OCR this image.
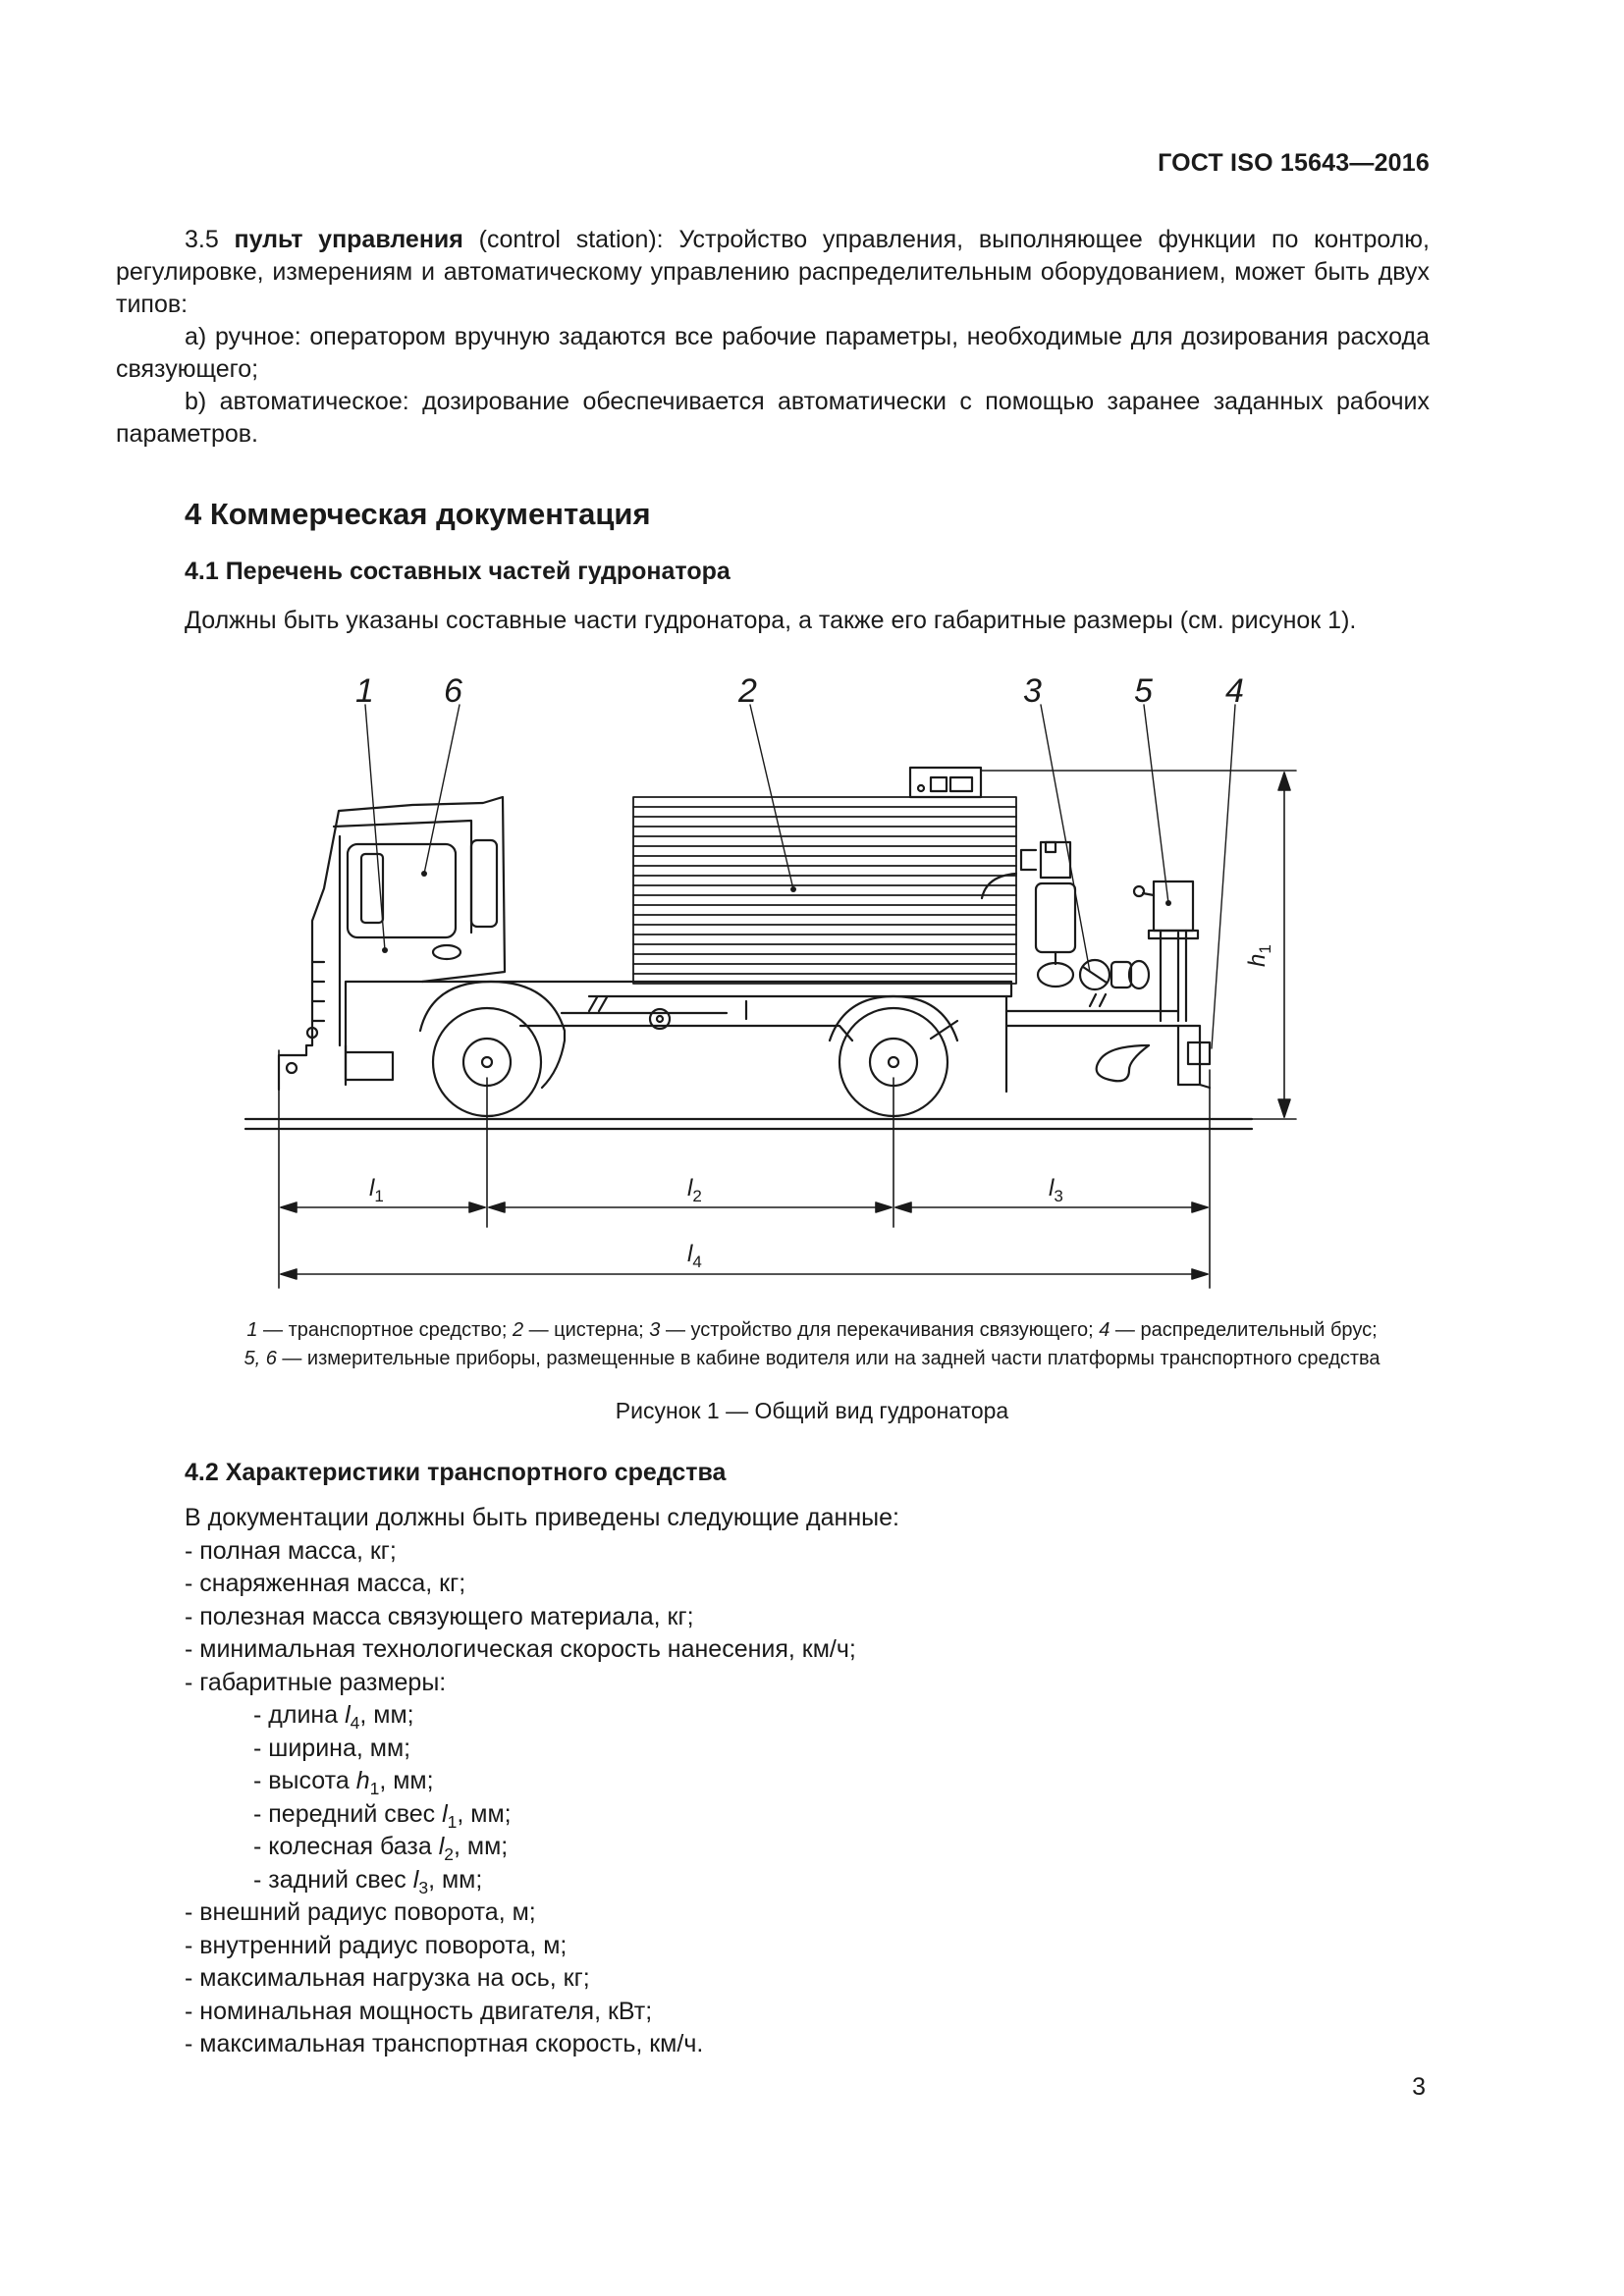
ГОСТ ISO 15643—2016

3.5 пульт управления (control station): Устройство управления, выполняющее функции по контролю, регулировке, измерениям и автоматическому управлению распределительным оборудованием, может быть двух типов:

a) ручное: оператором вручную задаются все рабочие параметры, необходимые для дозирования расхода связующего;

b) автоматическое: дозирование обеспечивается автоматически с помощью заранее заданных рабочих параметров.

4 Коммерческая документация
4.1 Перечень составных частей гудронатора
Должны быть указаны составные части гудронатора, а также его габаритные размеры (см. рисунок 1).
1 6	2	3	5 4
$l_1$	$l_2$	$l_3$
$l_4$
$h_1$
1 — транспортное средство; 2 — цистерна; 3 — устройство для перекачивания связующего; 4 — распределительный брус;
5, 6 — измерительные приборы, размещенные в кабине водителя или на задней части платформы транспортного средства
Рисунок 1 — Общий вид гудронатора
4.2 Характеристики транспортного средства
В документации должны быть приведены следующие данные:
- полная масса, кг;
- снаряженная масса, кг;
- полезная масса связующего материала, кг;
- минимальная технологическая скорость нанесения, км/ч;
- габаритные размеры:
- длина $l_4$, мм;
- ширина, мм;
- высота $h_1$, мм;
- передний свес $l_1$, мм;
- колесная база $l_2$, мм;
- задний свес $l_3$, мм;
- внешний радиус поворота, м;
- внутренний радиус поворота, м;
- максимальная нагрузка на ось, кг;
- номинальная мощность двигателя, кВт;
- максимальная транспортная скорость, км/ч.
3
